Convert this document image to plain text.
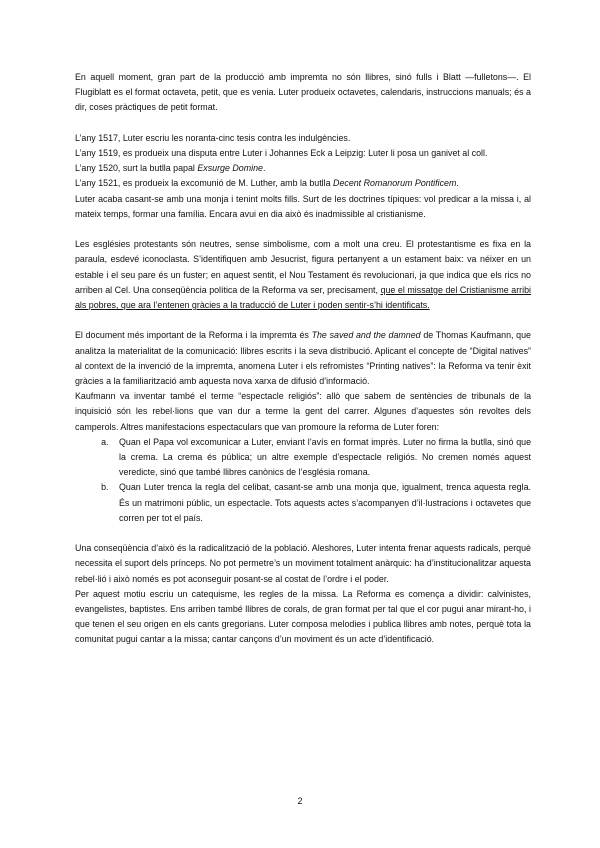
En aquell moment, gran part de la producció amb impremta no són llibres, sinó fulls i Blatt —fulletons—. El Flugiblatt es el format octaveta, petit, que es venia. Luter produeix octavetes, calendaris, instruccions manuals; és a dir, coses pràctiques de petit format.

L’any 1517, Luter escriu les noranta-cinc tesis contra les indulgències.

L’any 1519, es produeix una disputa entre Luter i Johannes Eck a Leipzig: Luter li posa un ganivet al coll.

L’any 1520, surt la butlla papal Exsurge Domine.

L’any 1521, es produeix la excomunió de M. Luther, amb la butlla Decent Romanorum Pontificem.

Luter acaba casant-se amb una monja i tenint molts fills. Surt de les doctrines típiques: vol predicar a la missa i, al mateix temps, formar una família. Encara avui en dia això és inadmissible al cristianisme.

Les esglésies protestants són neutres, sense simbolisme, com a molt una creu. El protestantisme es fixa en la paraula, esdevé iconoclasta. S’identifiquen amb Jesucrist, figura pertanyent a un estament baix: va néixer en un estable i el seu pare és un fuster; en aquest sentit, el Nou Testament és revolucionari, ja que indica que els rics no arriben al Cel. Una conseqüència política de la Reforma va ser, precisament, que el missatge del Cristianisme arribi als pobres, que ara l’entenen gràcies a la traducció de Luter i poden sentir-s’hi identificats.

El document més important de la Reforma i la impremta és The saved and the damned de Thomas Kaufmann, que analitza la materialitat de la comunicació: llibres escrits i la seva distribució. Aplicant el concepte de “Digital natives” al context de la invenció de la impremta, anomena Luter i els refromistes “Printing natives”: la Reforma va tenir èxit gràcies a la familiarització amb aquesta nova xarxa de difusió d’informació.

Kaufmann va inventar també el terme “espectacle religiós”: allò que sabem de sentències de tribunals de la inquisició són les rebel·lions que van dur a terme la gent del carrer. Algunes d’aquestes són revoltes dels camperols. Altres manifestacions espectaculars que van promoure la reforma de Luter foren:

a. Quan el Papa vol excomunicar a Luter, enviant l’avís en format imprès. Luter no firma la butlla, sinó que la crema. La crema és pública; un altre exemple d’espectacle religiós. No cremen només aquest veredicte, sinó que també llibres canònics de l’església romana.
b. Quan Luter trenca la regla del celibat, casant-se amb una monja que, igualment, trenca aquesta regla. És un matrimoni públic, un espectacle. Tots aquests actes s’acompanyen d’il·lustracions i octavetes que corren per tot el país.

Una conseqüència d’això és la radicalització de la població. Aleshores, Luter intenta frenar aquests radicals, perquè necessita el suport dels prínceps. No pot permetre’s un moviment totalment anàrquic: ha d’institucionalitzar aquesta rebel·lió i això només es pot aconseguir posant-se al costat de l’ordre i el poder.

Per aquest motiu escriu un catequisme, les regles de la missa. La Reforma es comença a dividir: calvinistes, evangelistes, baptistes. Ens arriben també llibres de corals, de gran format per tal que el cor pugui anar mirant-ho, i que tenen el seu origen en els cants gregorians. Luter composa melodies i publica llibres amb notes, perquè tota la comunitat pugui cantar a la missa; cantar cançons d’un moviment és un acte d’identificació.

2
